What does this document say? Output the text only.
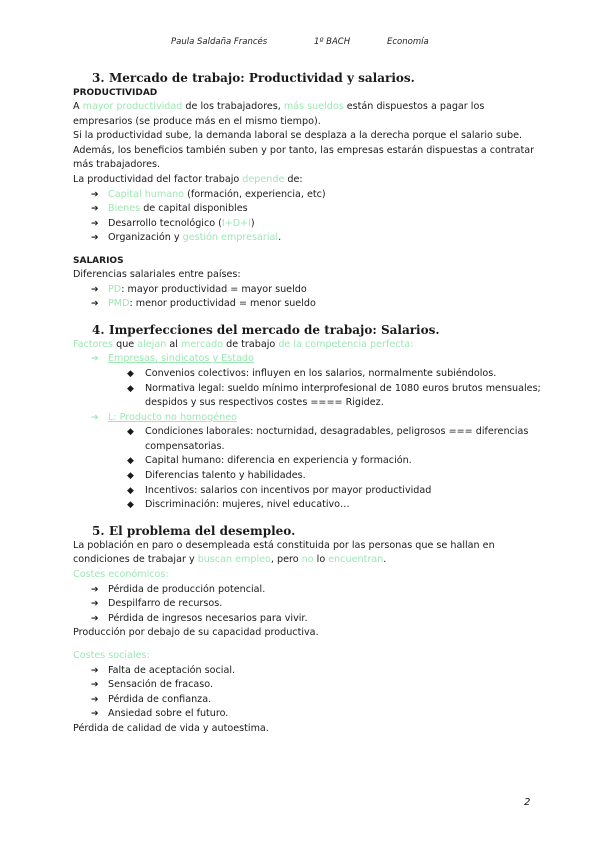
Paula Saldaña Francés	1º BACH	Economía
3. Mercado de trabajo: Productividad y salarios.
PRODUCTIVIDAD

A mayor productividad de los trabajadores, más sueldos están dispuestos a pagar los empresarios (se produce más en el mismo tiempo).

Si la productividad sube, la demanda laboral se desplaza a la derecha porque el salario sube. Además, los beneficios también suben y por tanto, las empresas estarán dispuestas a contratar más trabajadores.

La productividad del factor trabajo depende de:

➔ Capital humano (formación, experiencia, etc)
➔ Bienes de capital disponibles
➔ Desarrollo tecnológico (I+D+i)
➔ Organización y gestión empresarial.
SALARIOS

Diferencias salariales entre países:

➔ PD: mayor productividad = mayor sueldo
➔ PMD: menor productividad = menor sueldo
4. Imperfecciones del mercado de trabajo: Salarios.

Factores que alejan al mercado de trabajo de la competencia perfecta:

➔ Empresas, sindicatos y Estado
◆ Convenios colectivos: influyen en los salarios, normalmente subiéndolos.
◆ Normativa legal: sueldo mínimo interprofesional de 1080 euros brutos mensuales; despidos y sus respectivos costes ==== Rigidez.
➔ L: Producto no homogéneo
◆ Condiciones laborales: nocturnidad, desagradables, peligrosos === diferencias compensatorias.
◆ Capital humano: diferencia en experiencia y formación.
◆ Diferencias talento y habilidades.
◆ Incentivos: salarios con incentivos por mayor productividad
◆ Discriminación: mujeres, nivel educativo…
5. El problema del desempleo.

La población en paro o desempleada está constituida por las personas que se hallan en condiciones de trabajar y buscan empleo, pero no lo encuentran.

Costes económicos:

➔ Pérdida de producción potencial.
➔ Despilfarro de recursos.
➔ Pérdida de ingresos necesarios para vivir.

Producción por debajo de su capacidad productiva.

Costes sociales:

➔ Falta de aceptación social.
➔ Sensación de fracaso.
➔ Pérdida de confianza.
➔ Ansiedad sobre el futuro.

Pérdida de calidad de vida y autoestima.

2
